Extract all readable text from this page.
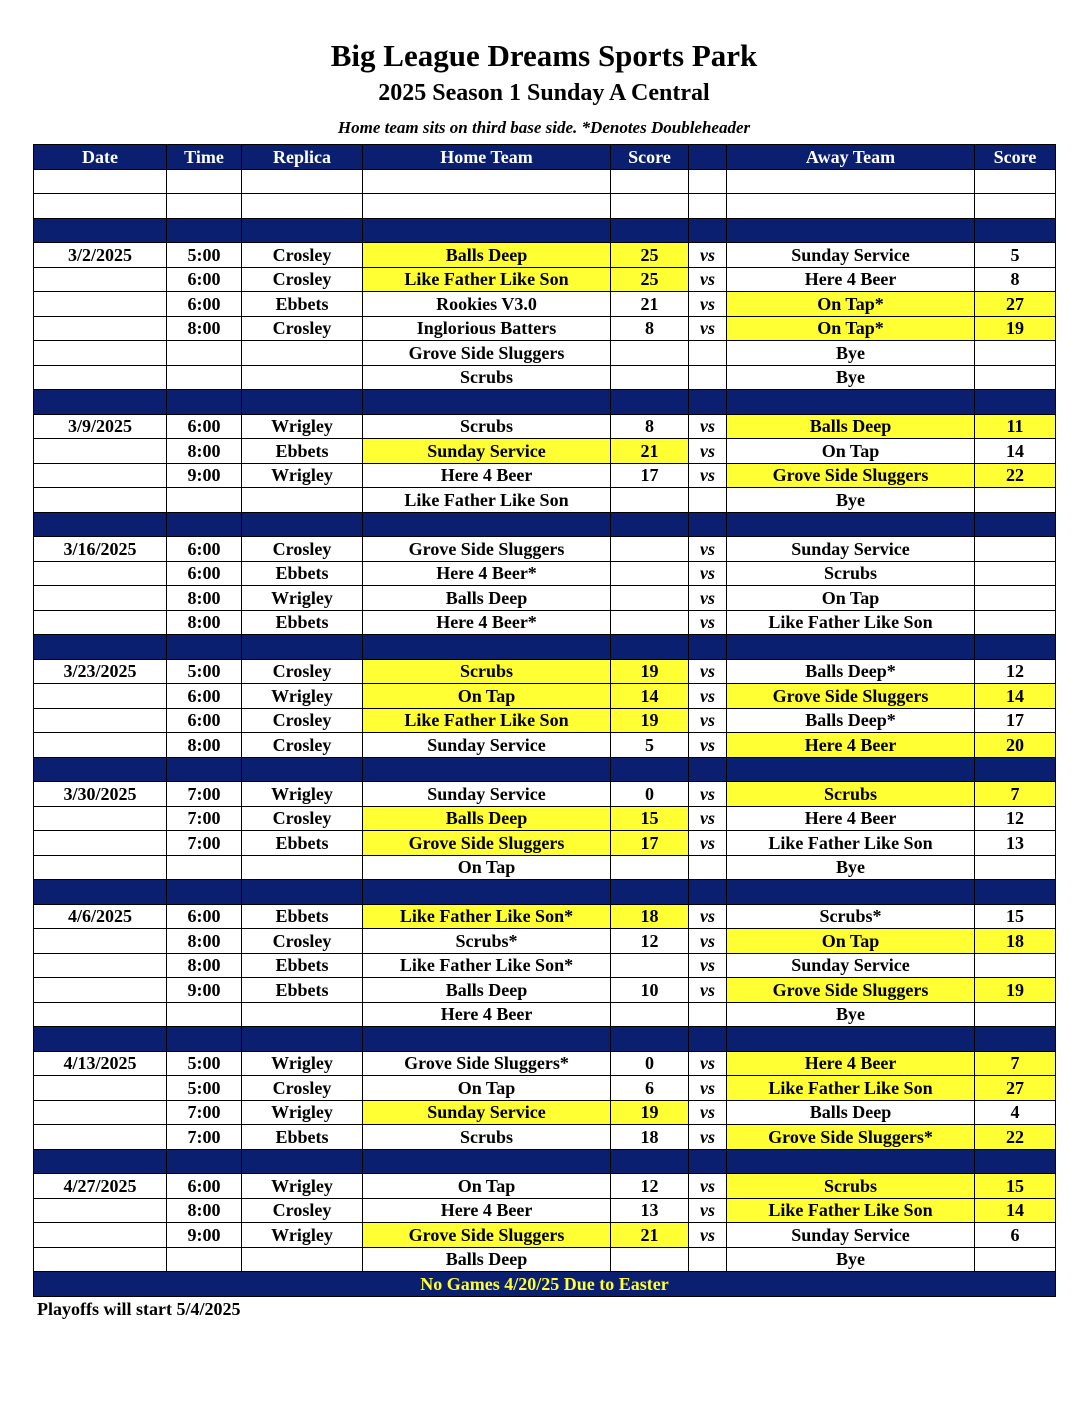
Big League Dreams Sports Park
2025 Season 1 Sunday A Central
Home team sits on third base side. *Denotes Doubleheader
Date	Time	Replica	Home Team	Score		Away Team	Score

3/2/2025	5:00	Crosley	Balls Deep	25	vs	Sunday Service	5
	6:00	Crosley	Like Father Like Son	25	vs	Here 4 Beer	8
	6:00	Ebbets	Rookies V3.0	21	vs	On Tap*	27
	8:00	Crosley	Inglorious Batters	8	vs	On Tap*	19
			Grove Side Sluggers			Bye	
			Scrubs			Bye	

3/9/2025	6:00	Wrigley	Scrubs	8	vs	Balls Deep	11
	8:00	Ebbets	Sunday Service	21	vs	On Tap	14
	9:00	Wrigley	Here 4 Beer	17	vs	Grove Side Sluggers	22
			Like Father Like Son			Bye	

3/16/2025	6:00	Crosley	Grove Side Sluggers		vs	Sunday Service	
	6:00	Ebbets	Here 4 Beer*		vs	Scrubs	
	8:00	Wrigley	Balls Deep		vs	On Tap	
	8:00	Ebbets	Here 4 Beer*		vs	Like Father Like Son	

3/23/2025	5:00	Crosley	Scrubs	19	vs	Balls Deep*	12
	6:00	Wrigley	On Tap	14	vs	Grove Side Sluggers	14
	6:00	Crosley	Like Father Like Son	19	vs	Balls Deep*	17
	8:00	Crosley	Sunday Service	5	vs	Here 4 Beer	20

3/30/2025	7:00	Wrigley	Sunday Service	0	vs	Scrubs	7
	7:00	Crosley	Balls Deep	15	vs	Here 4 Beer	12
	7:00	Ebbets	Grove Side Sluggers	17	vs	Like Father Like Son	13
			On Tap			Bye	

4/6/2025	6:00	Ebbets	Like Father Like Son*	18	vs	Scrubs*	15
	8:00	Crosley	Scrubs*	12	vs	On Tap	18
	8:00	Ebbets	Like Father Like Son*		vs	Sunday Service	
	9:00	Ebbets	Balls Deep	10	vs	Grove Side Sluggers	19
			Here 4 Beer			Bye	

4/13/2025	5:00	Wrigley	Grove Side Sluggers*	0	vs	Here 4 Beer	7
	5:00	Crosley	On Tap	6	vs	Like Father Like Son	27
	7:00	Wrigley	Sunday Service	19	vs	Balls Deep	4
	7:00	Ebbets	Scrubs	18	vs	Grove Side Sluggers*	22

4/27/2025	6:00	Wrigley	On Tap	12	vs	Scrubs	15
	8:00	Crosley	Here 4 Beer	13	vs	Like Father Like Son	14
	9:00	Wrigley	Grove Side Sluggers	21	vs	Sunday Service	6
			Balls Deep			Bye	
No Games 4/20/25 Due to Easter							
Playoffs will start 5/4/2025
